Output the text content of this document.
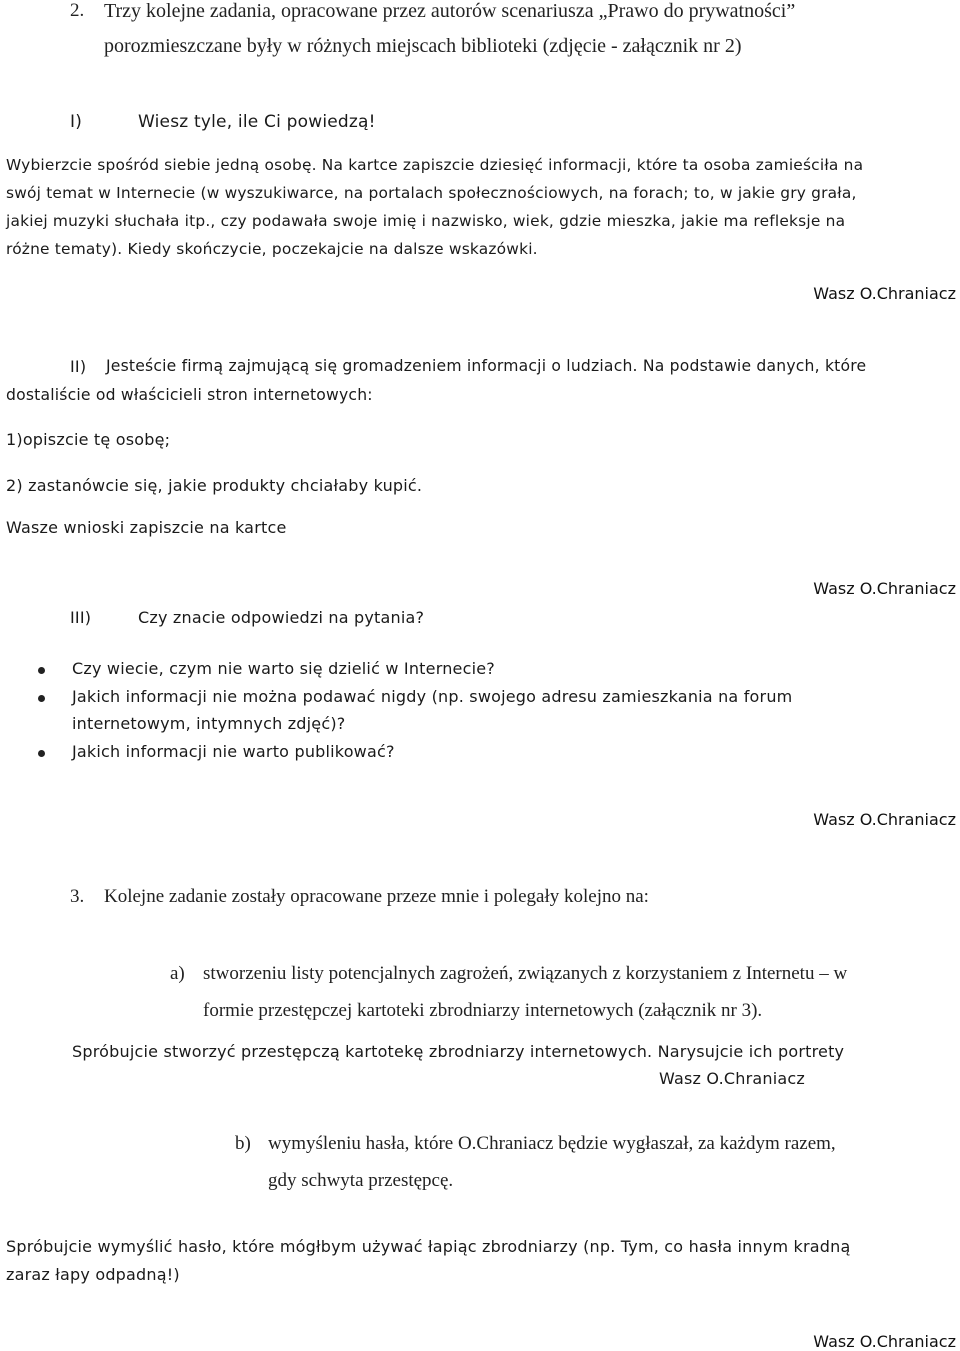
2. Trzy kolejne zadania, opracowane przez autorów scenariusza „Prawo do prywatności”

porozmieszczane były w różnych miejscach biblioteki (zdjęcie - załącznik nr 2)

I)	Wiesz tyle, ile Ci powiedzą!

Wybierzcie spośród siebie jedną osobę. Na kartce zapiszcie dziesięć informacji, które ta osoba zamieściła na

swój temat w Internecie (w wyszukiwarce, na portalach społecznościowych, na forach; to, w jakie gry grała,

jakiej muzyki słuchała itp., czy podawała swoje imię i nazwisko, wiek, gdzie mieszka, jakie ma refleksje na

różne tematy). Kiedy skończycie, poczekajcie na dalsze wskazówki.

Wasz O.Chraniacz

II) Jesteście firmą zajmującą się gromadzeniem informacji o ludziach. Na podstawie danych, które

dostaliście od właścicieli stron internetowych:

1)opiszcie tę osobę;

2) zastanówcie się, jakie produkty chciałaby kupić.

Wasze wnioski zapiszcie na kartce

Wasz O.Chraniacz

III)	Czy znacie odpowiedzi na pytania?

Czy wiecie, czym nie warto się dzielić w Internecie?

Jakich informacji nie można podawać nigdy (np. swojego adresu zamieszkania na forum

internetowym, intymnych zdjęć)?

Jakich informacji nie warto publikować?

Wasz O.Chraniacz

3. Kolejne zadanie zostały opracowane przeze mnie i polegały kolejno na:

a) stworzeniu listy potencjalnych zagrożeń, związanych z korzystaniem z Internetu – w

formie przestępczej kartoteki zbrodniarzy internetowych (załącznik nr 3).

Spróbujcie stworzyć przestępczą kartotekę zbrodniarzy internetowych. Narysujcie ich portrety

Wasz O.Chraniacz

b) wymyśleniu hasła, które O.Chraniacz będzie wygłaszał, za każdym razem,

gdy schwyta przestępcę.

Spróbujcie wymyślić hasło, które mógłbym używać łapiąc zbrodniarzy (np. Tym, co hasła innym kradną

zaraz łapy odpadną!)

Wasz O.Chraniacz
